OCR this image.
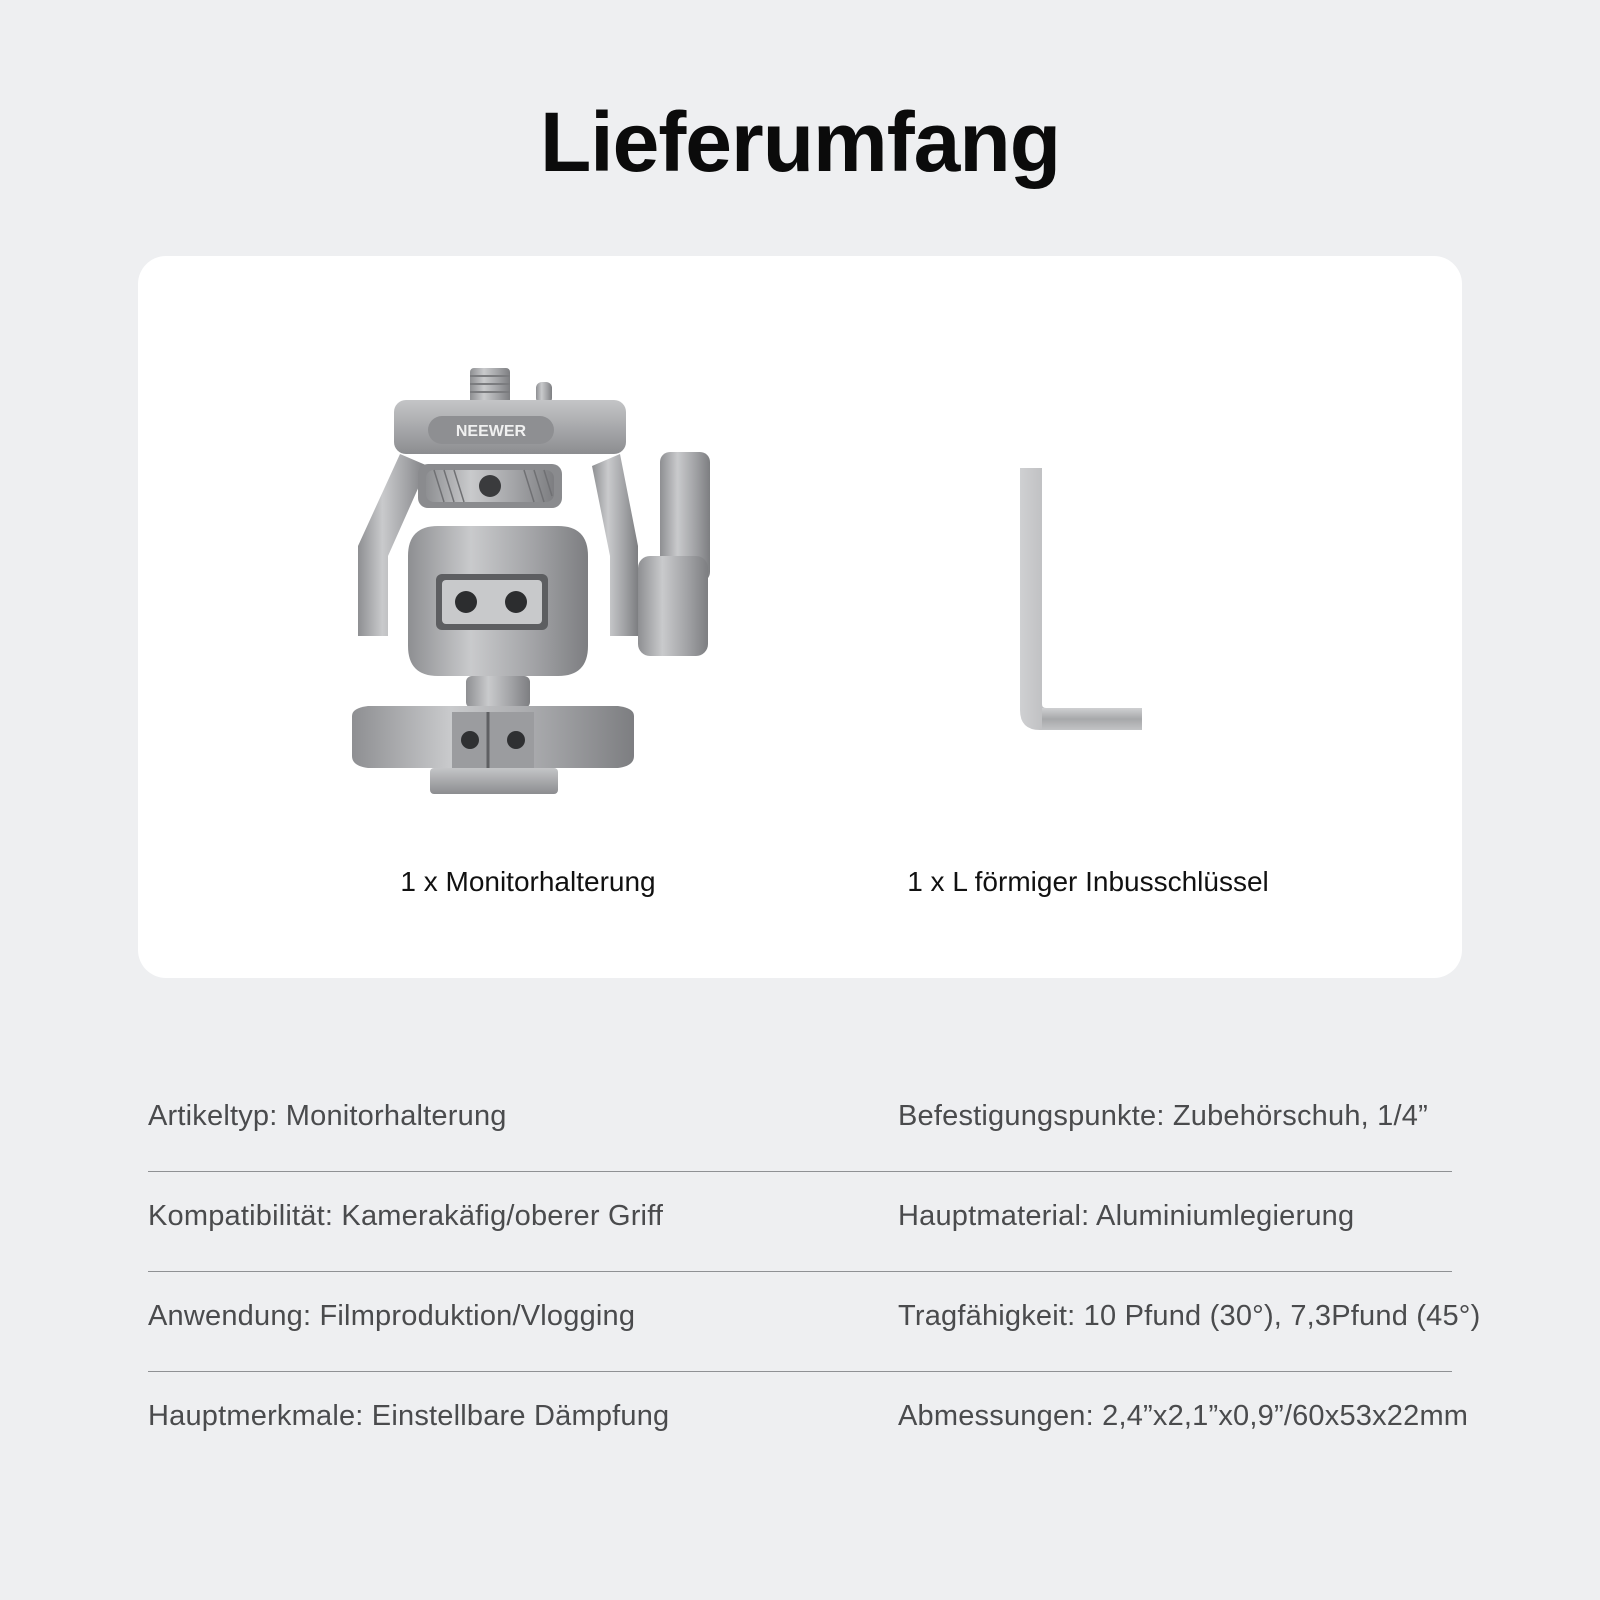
Lieferumfang
NEEWER
1 x Monitorhalterung	1 x L förmiger Inbusschlüssel
Artikeltyp: Monitorhalterung	Befestigungspunkte: Zubehörschuh, 1/4”
Kompatibilität: Kamerakäfig/oberer Griff	Hauptmaterial: Aluminiumlegierung
Anwendung: Filmproduktion/Vlogging	Tragfähigkeit: 10 Pfund (30°), 7,3Pfund (45°)
Hauptmerkmale: Einstellbare Dämpfung	Abmessungen: 2,4”x2,1”x0,9”/60x53x22mm
